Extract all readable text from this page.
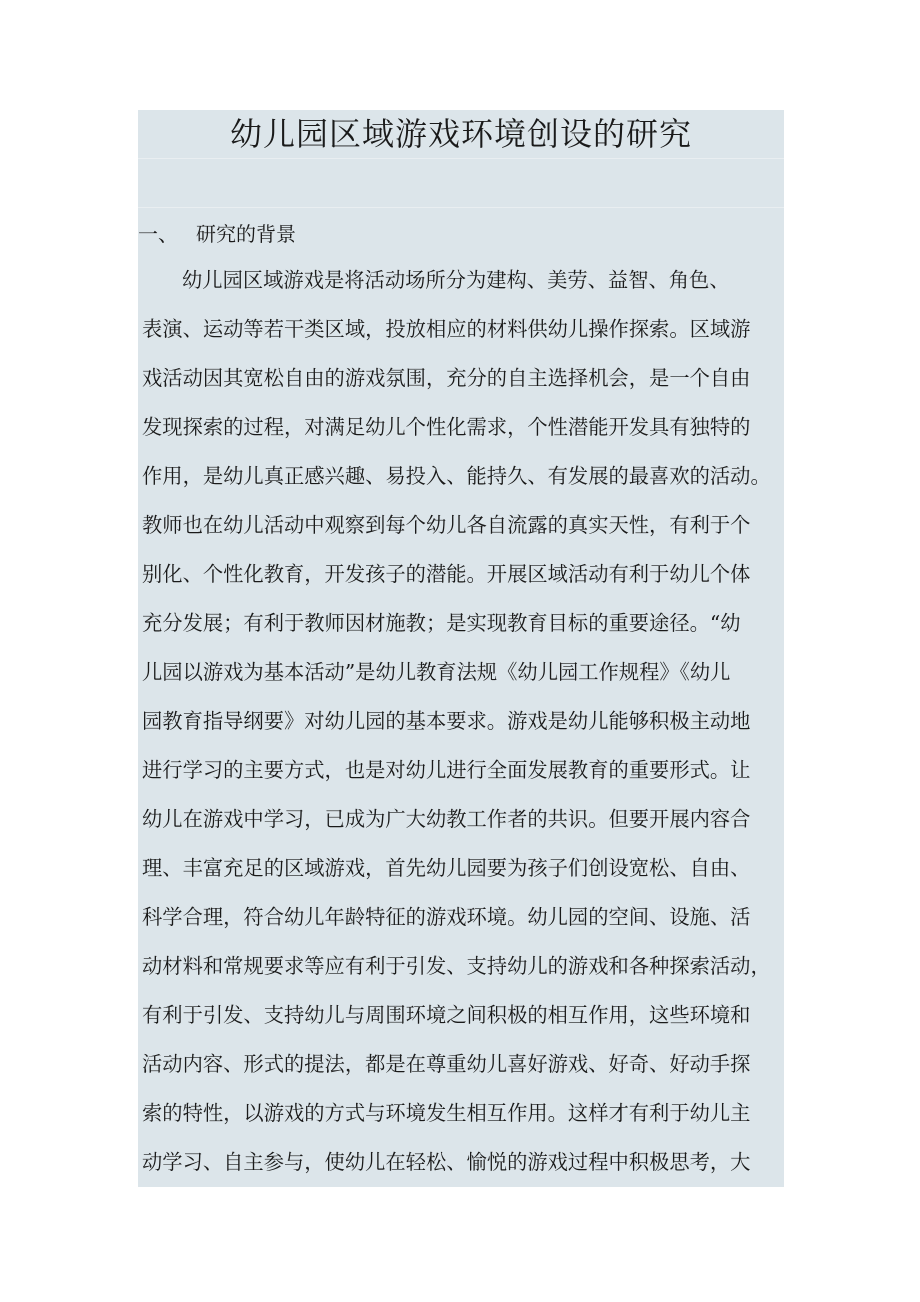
幼儿园区域游戏环境创设的研究
一、 研究的背景
幼儿园区域游戏是将活动场所分为建构、美劳、益智、角色、
表演、运动等若干类区域，投放相应的材料供幼儿操作探索。区域游
戏活动因其宽松自由的游戏氛围，充分的自主选择机会，是一个自由
发现探索的过程，对满足幼儿个性化需求，个性潜能开发具有独特的
作用，是幼儿真正感兴趣、易投入、能持久、有发展的最喜欢的活动。
教师也在幼儿活动中观察到每个幼儿各自流露的真实天性，有利于个
别化、个性化教育，开发孩子的潜能。开展区域活动有利于幼儿个体
充分发展；有利于教师因材施教；是实现教育目标的重要途径。“幼
儿园以游戏为基本活动”是幼儿教育法规《幼儿园工作规程》《幼儿
园教育指导纲要》对幼儿园的基本要求。游戏是幼儿能够积极主动地
进行学习的主要方式，也是对幼儿进行全面发展教育的重要形式。让
幼儿在游戏中学习，已成为广大幼教工作者的共识。但要开展内容合
理、丰富充足的区域游戏，首先幼儿园要为孩子们创设宽松、自由、
科学合理，符合幼儿年龄特征的游戏环境。幼儿园的空间、设施、活
动材料和常规要求等应有利于引发、支持幼儿的游戏和各种探索活动，
有利于引发、支持幼儿与周围环境之间积极的相互作用，这些环境和
活动内容、形式的提法，都是在尊重幼儿喜好游戏、好奇、好动手探
索的特性，以游戏的方式与环境发生相互作用。这样才有利于幼儿主
动学习、自主参与，使幼儿在轻松、愉悦的游戏过程中积极思考，大
